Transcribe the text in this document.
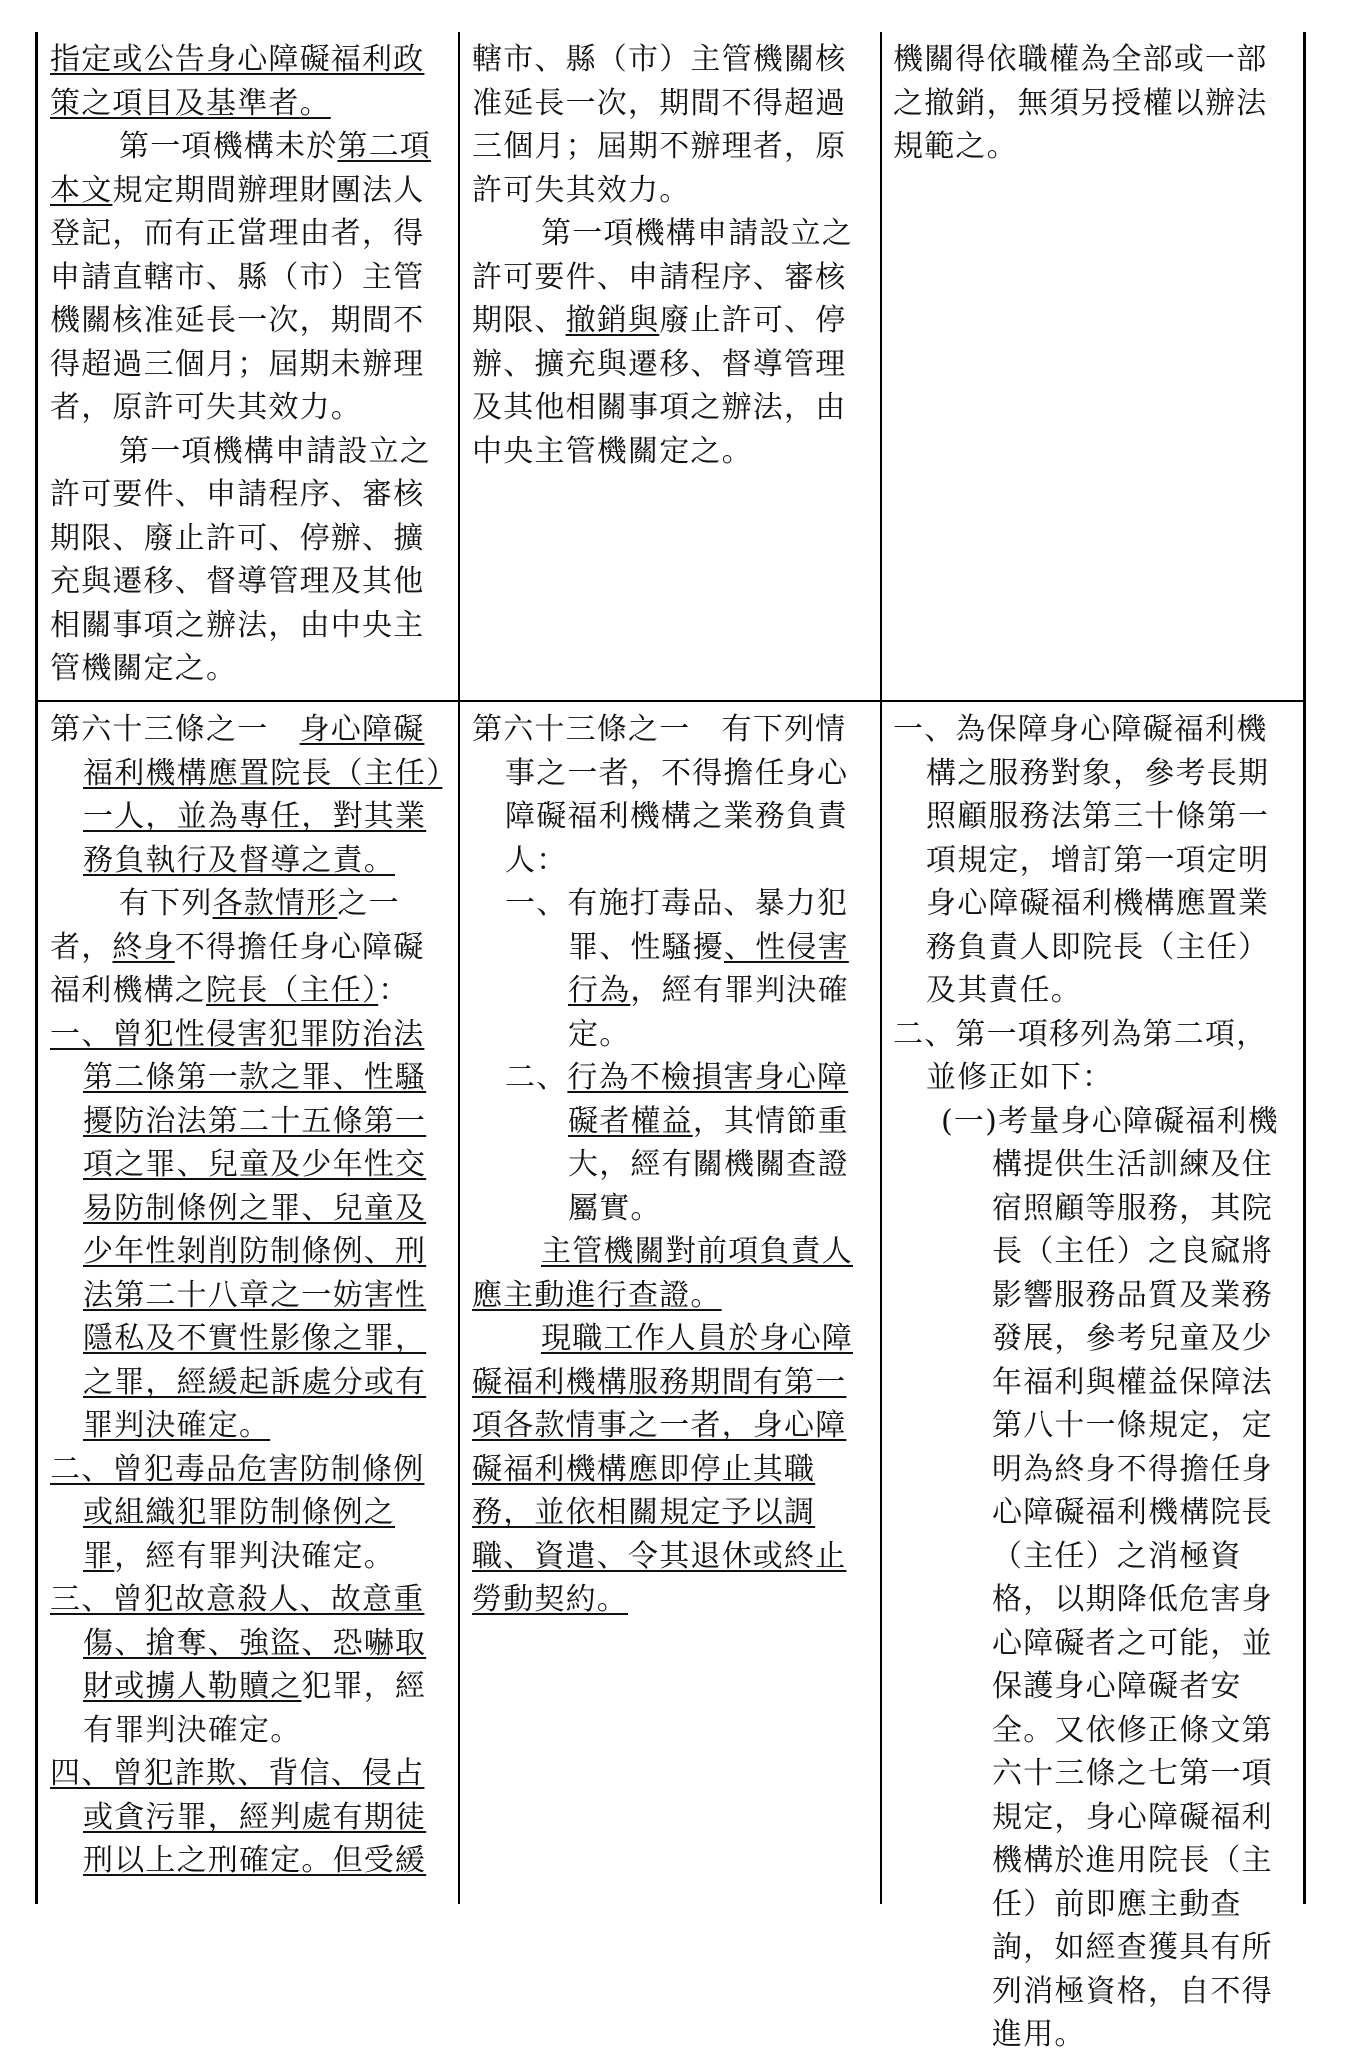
指定或公告身心障礙福利政策之項目及基準者。

第一項機構未於第二項本文規定期間辦理財團法人登記，而有正當理由者，得申請直轄市、縣（市）主管機關核准延長一次，期間不得超過三個月；屆期未辦理者，原許可失其效力。

第一項機構申請設立之許可要件、申請程序、審核期限、廢止許可、停辦、擴充與遷移、督導管理及其他相關事項之辦法，由中央主管機關定之。

轄市、縣（市）主管機關核准延長一次，期間不得超過三個月；屆期不辦理者，原許可失其效力。

第一項機構申請設立之許可要件、申請程序、審核期限、撤銷與廢止許可、停辦、擴充與遷移、督導管理及其他相關事項之辦法，由中央主管機關定之。

機關得依職權為全部或一部之撤銷，無須另授權以辦法規範之。

第六十三條之一　身心障礙福利機構應置院長（主任）一人，並為專任，對其業務負執行及督導之責。

有下列各款情形之一者，終身不得擔任身心障礙福利機構之院長（主任）：

一、曾犯性侵害犯罪防治法第二條第一款之罪、性騷擾防治法第二十五條第一項之罪、兒童及少年性交易防制條例之罪、兒童及少年性剝削防制條例、刑法第二十八章之一妨害性隱私及不實性影像之罪，之罪，經緩起訴處分或有罪判決確定。

二、曾犯毒品危害防制條例或組織犯罪防制條例之罪，經有罪判決確定。

三、曾犯故意殺人、故意重傷、搶奪、強盜、恐嚇取財或擄人勒贖之犯罪，經有罪判決確定。

四、曾犯詐欺、背信、侵占或貪污罪，經判處有期徒刑以上之刑確定。但受緩

第六十三條之一　有下列情事之一者，不得擔任身心障礙福利機構之業務負責人：

一、有施打毒品、暴力犯罪、性騷擾、性侵害行為，經有罪判決確定。

二、行為不檢損害身心障礙者權益，其情節重大，經有關機關查證屬實。

主管機關對前項負責人應主動進行查證。

現職工作人員於身心障礙福利機構服務期間有第一項各款情事之一者，身心障礙福利機構應即停止其職務，並依相關規定予以調職、資遣、令其退休或終止勞動契約。

一、為保障身心障礙福利機構之服務對象，參考長期照顧服務法第三十條第一項規定，增訂第一項定明身心障礙福利機構應置業務負責人即院長（主任）及其責任。

二、第一項移列為第二項，並修正如下：

(一)考量身心障礙福利機構提供生活訓練及住宿照顧等服務，其院長（主任）之良窳將影響服務品質及業務發展，參考兒童及少年福利與權益保障法第八十一條規定，定明為終身不得擔任身心障礙福利機構院長（主任）之消極資格，以期降低危害身心障礙者之可能，並保護身心障礙者安全。又依修正條文第六十三條之七第一項規定，身心障礙福利機構於進用院長（主任）前即應主動查詢，如經查獲具有所列消極資格，自不得進用。
